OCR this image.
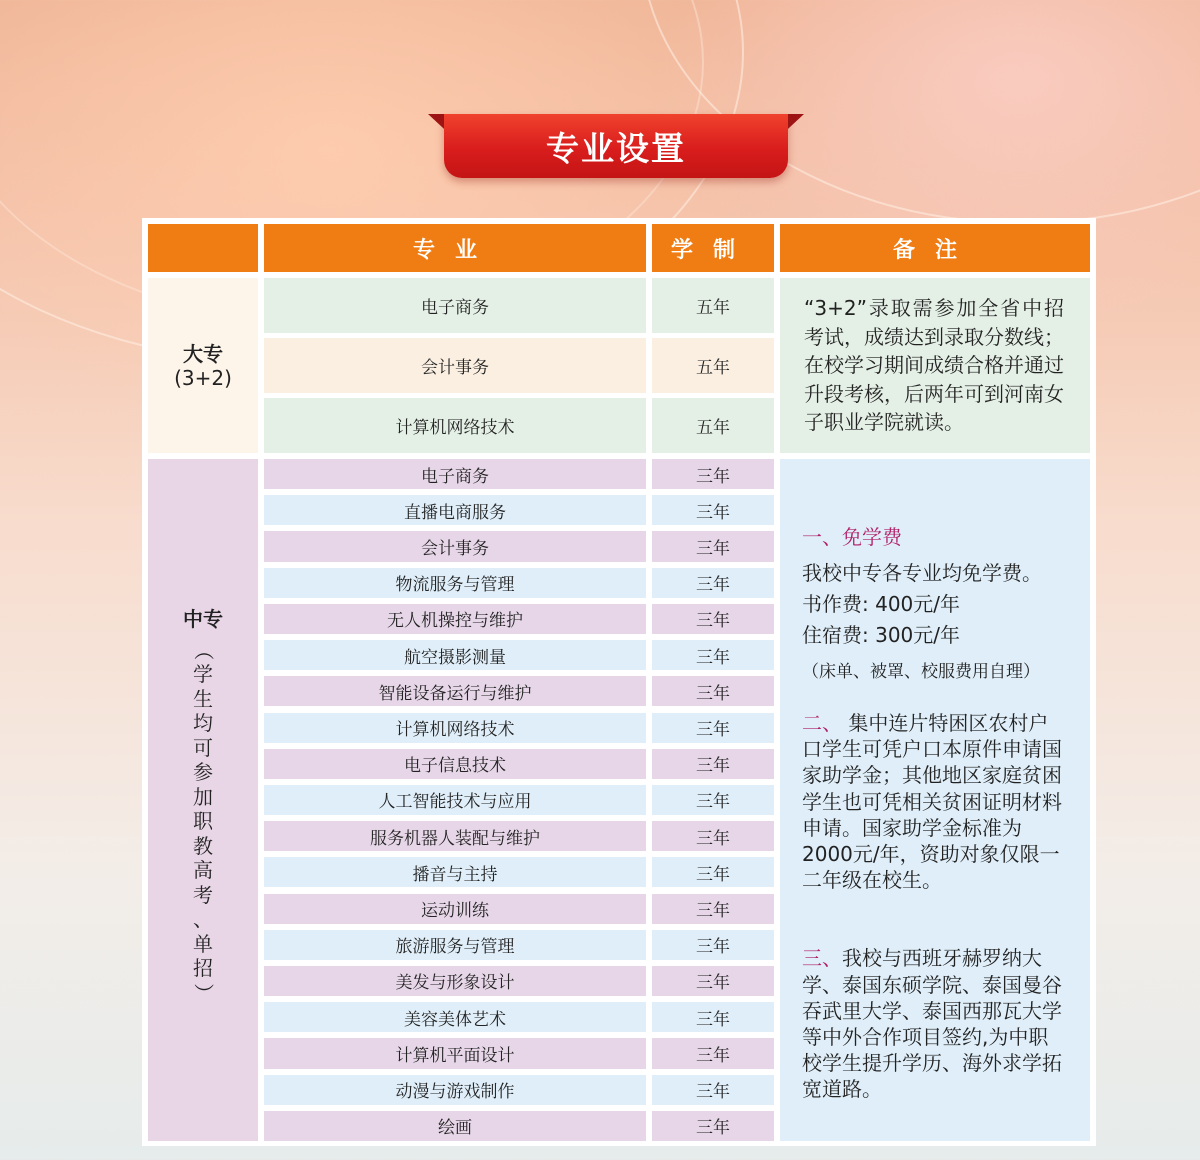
专业设置
专业	学制	备注
大专
(3+2)
电子商务	五年
会计事务	五年
计算机网络技术	五年
“3+2”录取需参加全省中招考试，成绩达到录取分数线；在校学习期间成绩合格并通过升段考核，后两年可到河南女子职业学院就读。
中专
（
学
生
均
可
参
加
职
教
高
考
、
单
招
）
电子商务	三年
直播电商服务	三年
会计事务	三年
物流服务与管理	三年
无人机操控与维护	三年
航空摄影测量	三年
智能设备运行与维护	三年
计算机网络技术	三年
电子信息技术	三年
人工智能技术与应用	三年
服务机器人装配与维护	三年
播音与主持	三年
运动训练	三年
旅游服务与管理	三年
美发与形象设计	三年
美容美体艺术	三年
计算机平面设计	三年
动漫与游戏制作	三年
绘画	三年
一、免学费
我校中专各专业均免学费。
书作费: 400元/年
住宿费: 300元/年
（床单、被罩、校服费用自理）
二、 集中连片特困区农村户口学生可凭户口本原件申请国家助学金；其他地区家庭贫困学生也可凭相关贫困证明材料申请。国家助学金标准为2000元/年，资助对象仅限一二年级在校生。
三、我校与西班牙赫罗纳大学、泰国东硕学院、泰国曼谷吞武里大学、泰国西那瓦大学等中外合作项目签约,为中职校学生提升学历、海外求学拓宽道路。
